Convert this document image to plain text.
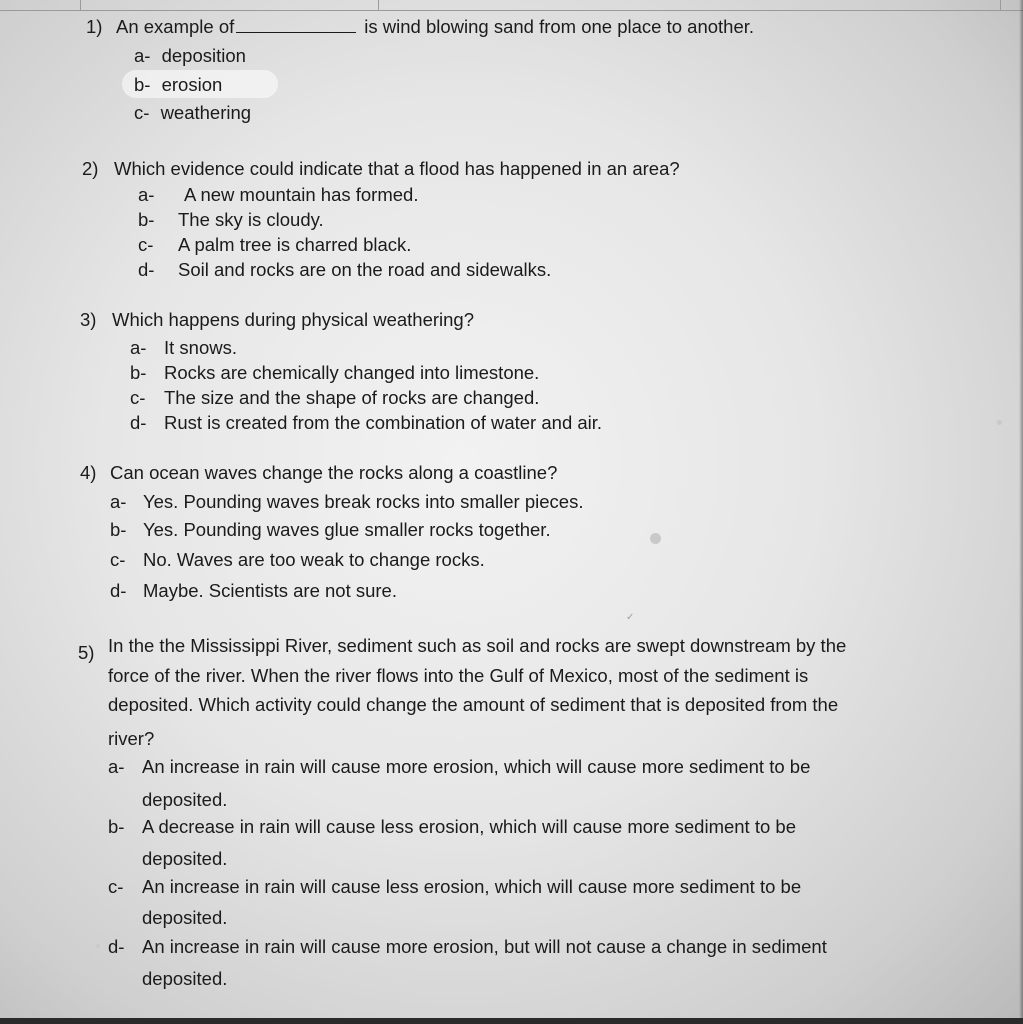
✓
1) An example of	is wind blowing sand from one place to another.
a- deposition
b- erosion
c- weathering
2) Which evidence could indicate that a flood has happened in an area?
a- A new mountain has formed.
b- The sky is cloudy.
c- A palm tree is charred black.
d- Soil and rocks are on the road and sidewalks.
3) Which happens during physical weathering?
a- It snows.
b- Rocks are chemically changed into limestone.
c- The size and the shape of rocks are changed.
d- Rust is created from the combination of water and air.
4) Can ocean waves change the rocks along a coastline?
a- Yes. Pounding waves break rocks into smaller pieces.
b- Yes. Pounding waves glue smaller rocks together.
c- No. Waves are too weak to change rocks.
d- Maybe. Scientists are not sure.
5) In the the Mississippi River, sediment such as soil and rocks are swept downstream by the
force of the river. When the river flows into the Gulf of Mexico, most of the sediment is
deposited. Which activity could change the amount of sediment that is deposited from the
river?
a- An increase in rain will cause more erosion, which will cause more sediment to be
deposited.
b- A decrease in rain will cause less erosion, which will cause more sediment to be
deposited.
c- An increase in rain will cause less erosion, which will cause more sediment to be
deposited.
d- An increase in rain will cause more erosion, but will not cause a change in sediment
deposited.
